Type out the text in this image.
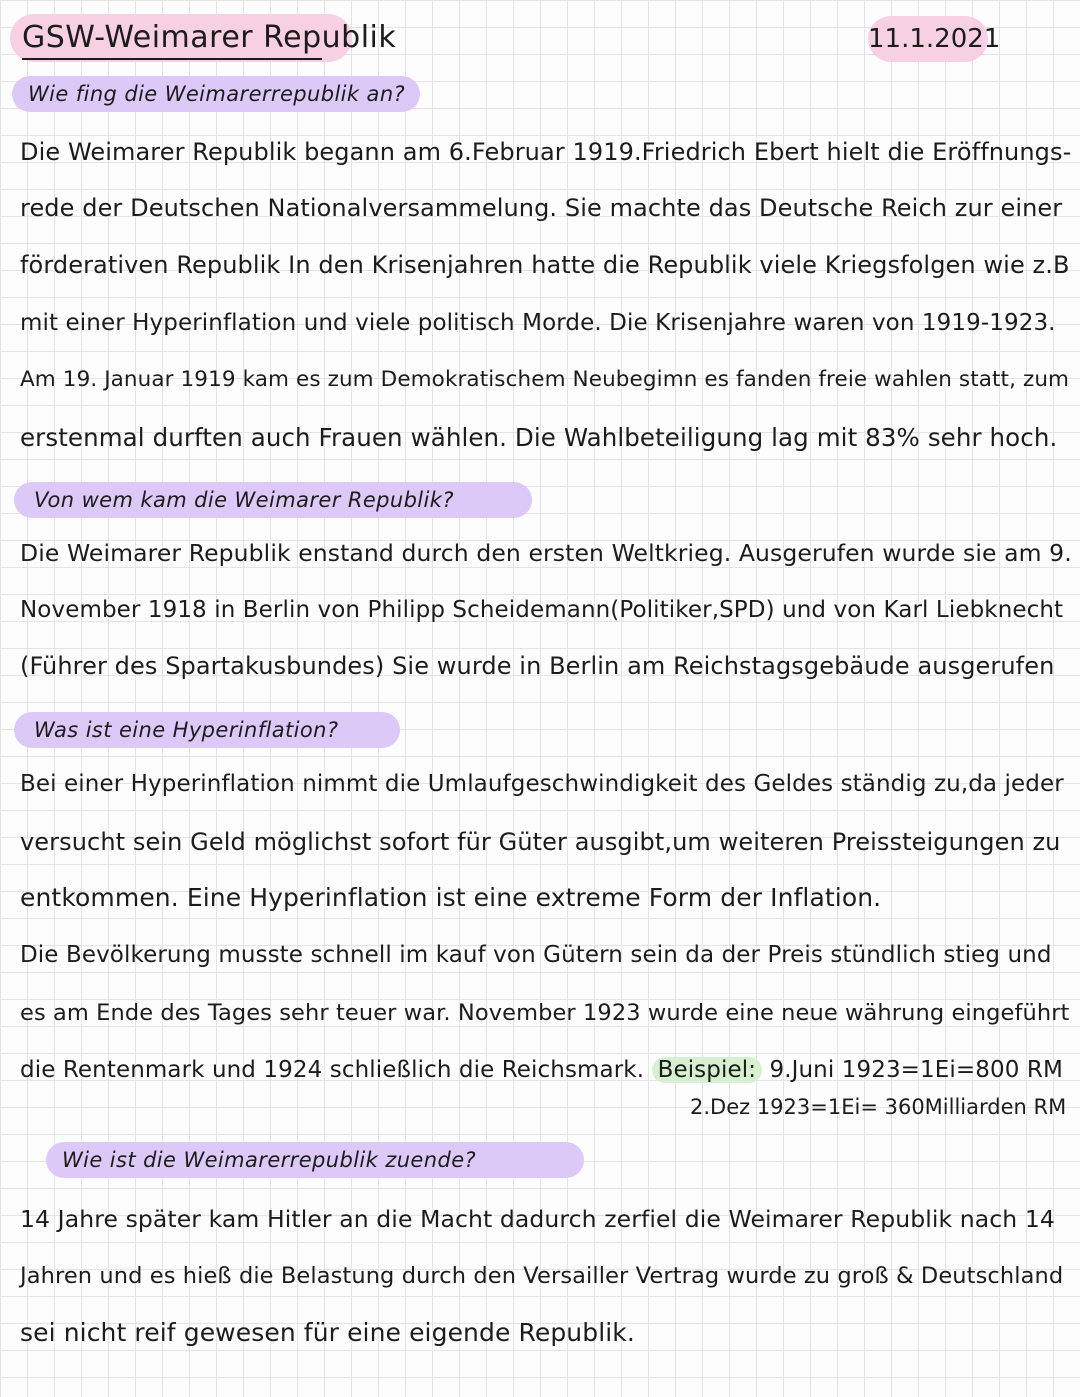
GSW-Weimarer Republik	11.1.2021
Wie fing die Weimarerrepublik an?
Die Weimarer Republik begann am 6.Februar 1919.Friedrich Ebert hielt die Eröffnungs-
rede der Deutschen Nationalversammelung. Sie machte das Deutsche Reich zur einer
förderativen Republik In den Krisenjahren hatte die Republik viele Kriegsfolgen wie z.B
mit einer Hyperinflation und viele politisch Morde. Die Krisenjahre waren von 1919-1923.
Am 19. Januar 1919 kam es zum Demokratischem Neubegimn es fanden freie wahlen statt, zum
erstenmal durften auch Frauen wählen. Die Wahlbeteiligung lag mit 83% sehr hoch.
Von wem kam die Weimarer Republik?
Die Weimarer Republik enstand durch den ersten Weltkrieg. Ausgerufen wurde sie am 9.
November 1918 in Berlin von Philipp Scheidemann(Politiker,SPD) und von Karl Liebknecht
(Führer des Spartakusbundes) Sie wurde in Berlin am Reichstagsgebäude ausgerufen
Was ist eine Hyperinflation?
Bei einer Hyperinflation nimmt die Umlaufgeschwindigkeit des Geldes ständig zu,da jeder
versucht sein Geld möglichst sofort für Güter ausgibt,um weiteren Preissteigungen zu
entkommen. Eine Hyperinflation ist eine extreme Form der Inflation.
Die Bevölkerung musste schnell im kauf von Gütern sein da der Preis stündlich stieg und
es am Ende des Tages sehr teuer war. November 1923 wurde eine neue währung eingeführt
die Rentenmark und 1924 schließlich die Reichsmark. Beispiel: 9.Juni 1923=1Ei=800 RM
2.Dez 1923=1Ei= 360Milliarden RM
Wie ist die Weimarerrepublik zuende?
14 Jahre später kam Hitler an die Macht dadurch zerfiel die Weimarer Republik nach 14
Jahren und es hieß die Belastung durch den Versailler Vertrag wurde zu groß & Deutschland
sei nicht reif gewesen für eine eigende Republik.
